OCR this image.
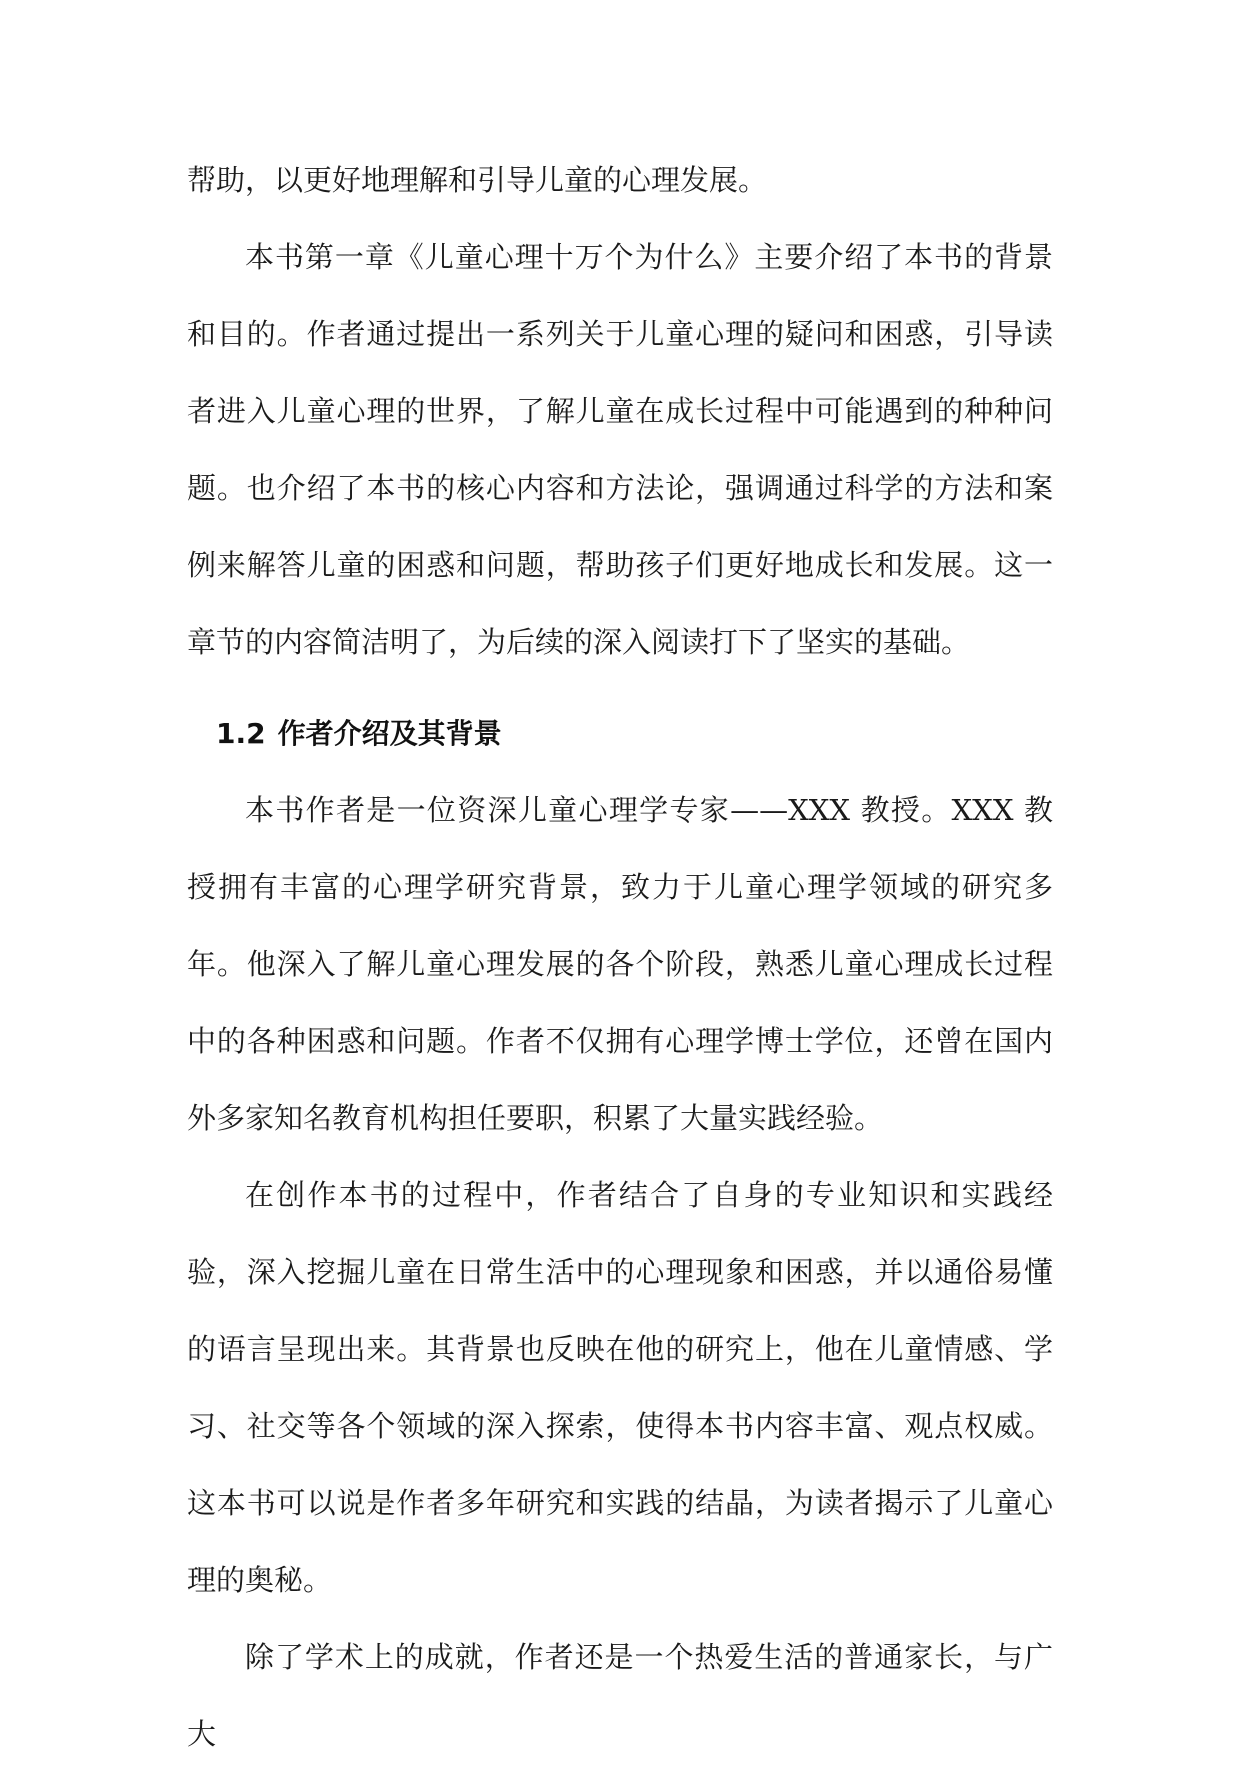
帮助，以更好地理解和引导儿童的心理发展。

本书第一章《儿童心理十万个为什么》主要介绍了本书的背景和目的。作者通过提出一系列关于儿童心理的疑问和困惑，引导读者进入儿童心理的世界，了解儿童在成长过程中可能遇到的种种问题。也介绍了本书的核心内容和方法论，强调通过科学的方法和案例来解答儿童的困惑和问题，帮助孩子们更好地成长和发展。这一章节的内容简洁明了，为后续的深入阅读打下了坚实的基础。

1.2 作者介绍及其背景

本书作者是一位资深儿童心理学专家——XXX 教授。XXX 教授拥有丰富的心理学研究背景，致力于儿童心理学领域的研究多年。他深入了解儿童心理发展的各个阶段，熟悉儿童心理成长过程中的各种困惑和问题。作者不仅拥有心理学博士学位，还曾在国内外多家知名教育机构担任要职，积累了大量实践经验。

在创作本书的过程中，作者结合了自身的专业知识和实践经验，深入挖掘儿童在日常生活中的心理现象和困惑，并以通俗易懂的语言呈现出来。其背景也反映在他的研究上，他在儿童情感、学习、社交等各个领域的深入探索，使得本书内容丰富、观点权威。这本书可以说是作者多年研究和实践的结晶，为读者揭示了儿童心理的奥秘。

除了学术上的成就，作者还是一个热爱生活的普通家长，与广大
